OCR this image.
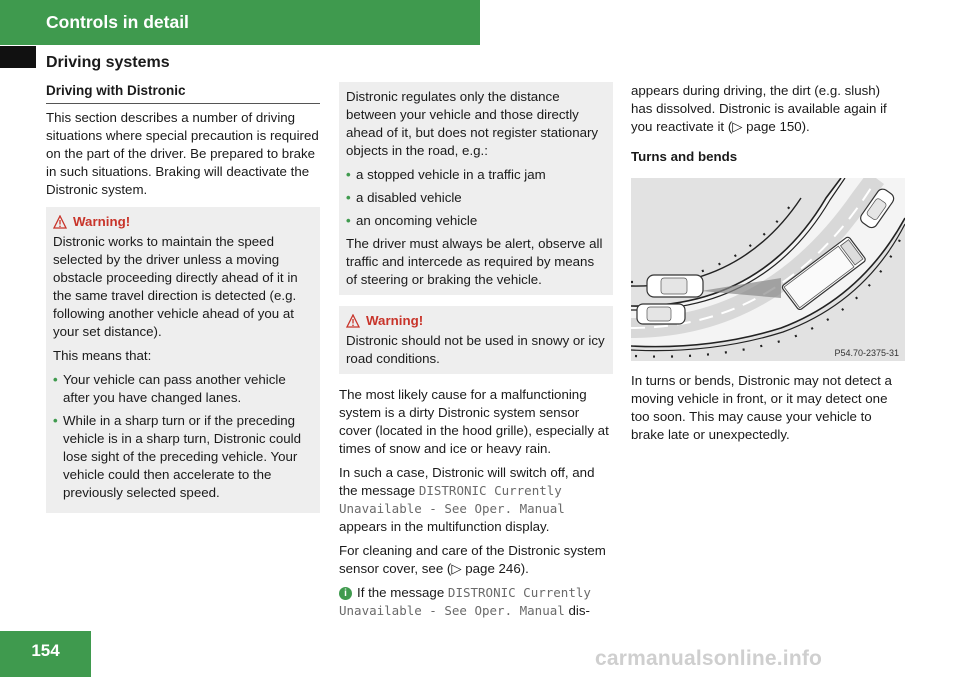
Controls in detail
Driving systems
Driving with Distronic

This section describes a number of driving situations where special precaution is required on the part of the driver. Be prepared to brake in such situations. Braking will deactivate the Distronic system.

Warning!

Distronic works to maintain the speed selected by the driver unless a moving obstacle proceeding directly ahead of it in the same travel direction is detected (e.g. following another vehicle ahead of you at your set distance).

This means that:

• Your vehicle can pass another vehicle after you have changed lanes.
• While in a sharp turn or if the preceding vehicle is in a sharp turn, Distronic could lose sight of the preceding vehicle. Your vehicle could then accelerate to the previously selected speed.

Distronic regulates only the distance between your vehicle and those directly ahead of it, but does not register stationary objects in the road, e.g.:

• a stopped vehicle in a traffic jam
• a disabled vehicle
• an oncoming vehicle

The driver must always be alert, observe all traffic and intercede as required by means of steering or braking the vehicle.

Warning!

Distronic should not be used in snowy or icy road conditions.

The most likely cause for a malfunctioning system is a dirty Distronic system sensor cover (located in the hood grille), especially at times of snow and ice or heavy rain.

In such a case, Distronic will switch off, and the message DISTRONIC Currently Unavailable - See Oper. Manual appears in the multifunction display.

For cleaning and care of the Distronic system sensor cover, see (▷ page 246).

i If the message DISTRONIC Currently Unavailable - See Oper. Manual dis-

appears during driving, the dirt (e.g. slush) has dissolved. Distronic is available again if you reactivate it (▷ page 150).

Turns and bends

P54.70-2375-31

In turns or bends, Distronic may not detect a moving vehicle in front, or it may detect one too soon. This may cause your vehicle to brake late or unexpectedly.

154	carmanualsonline.info
